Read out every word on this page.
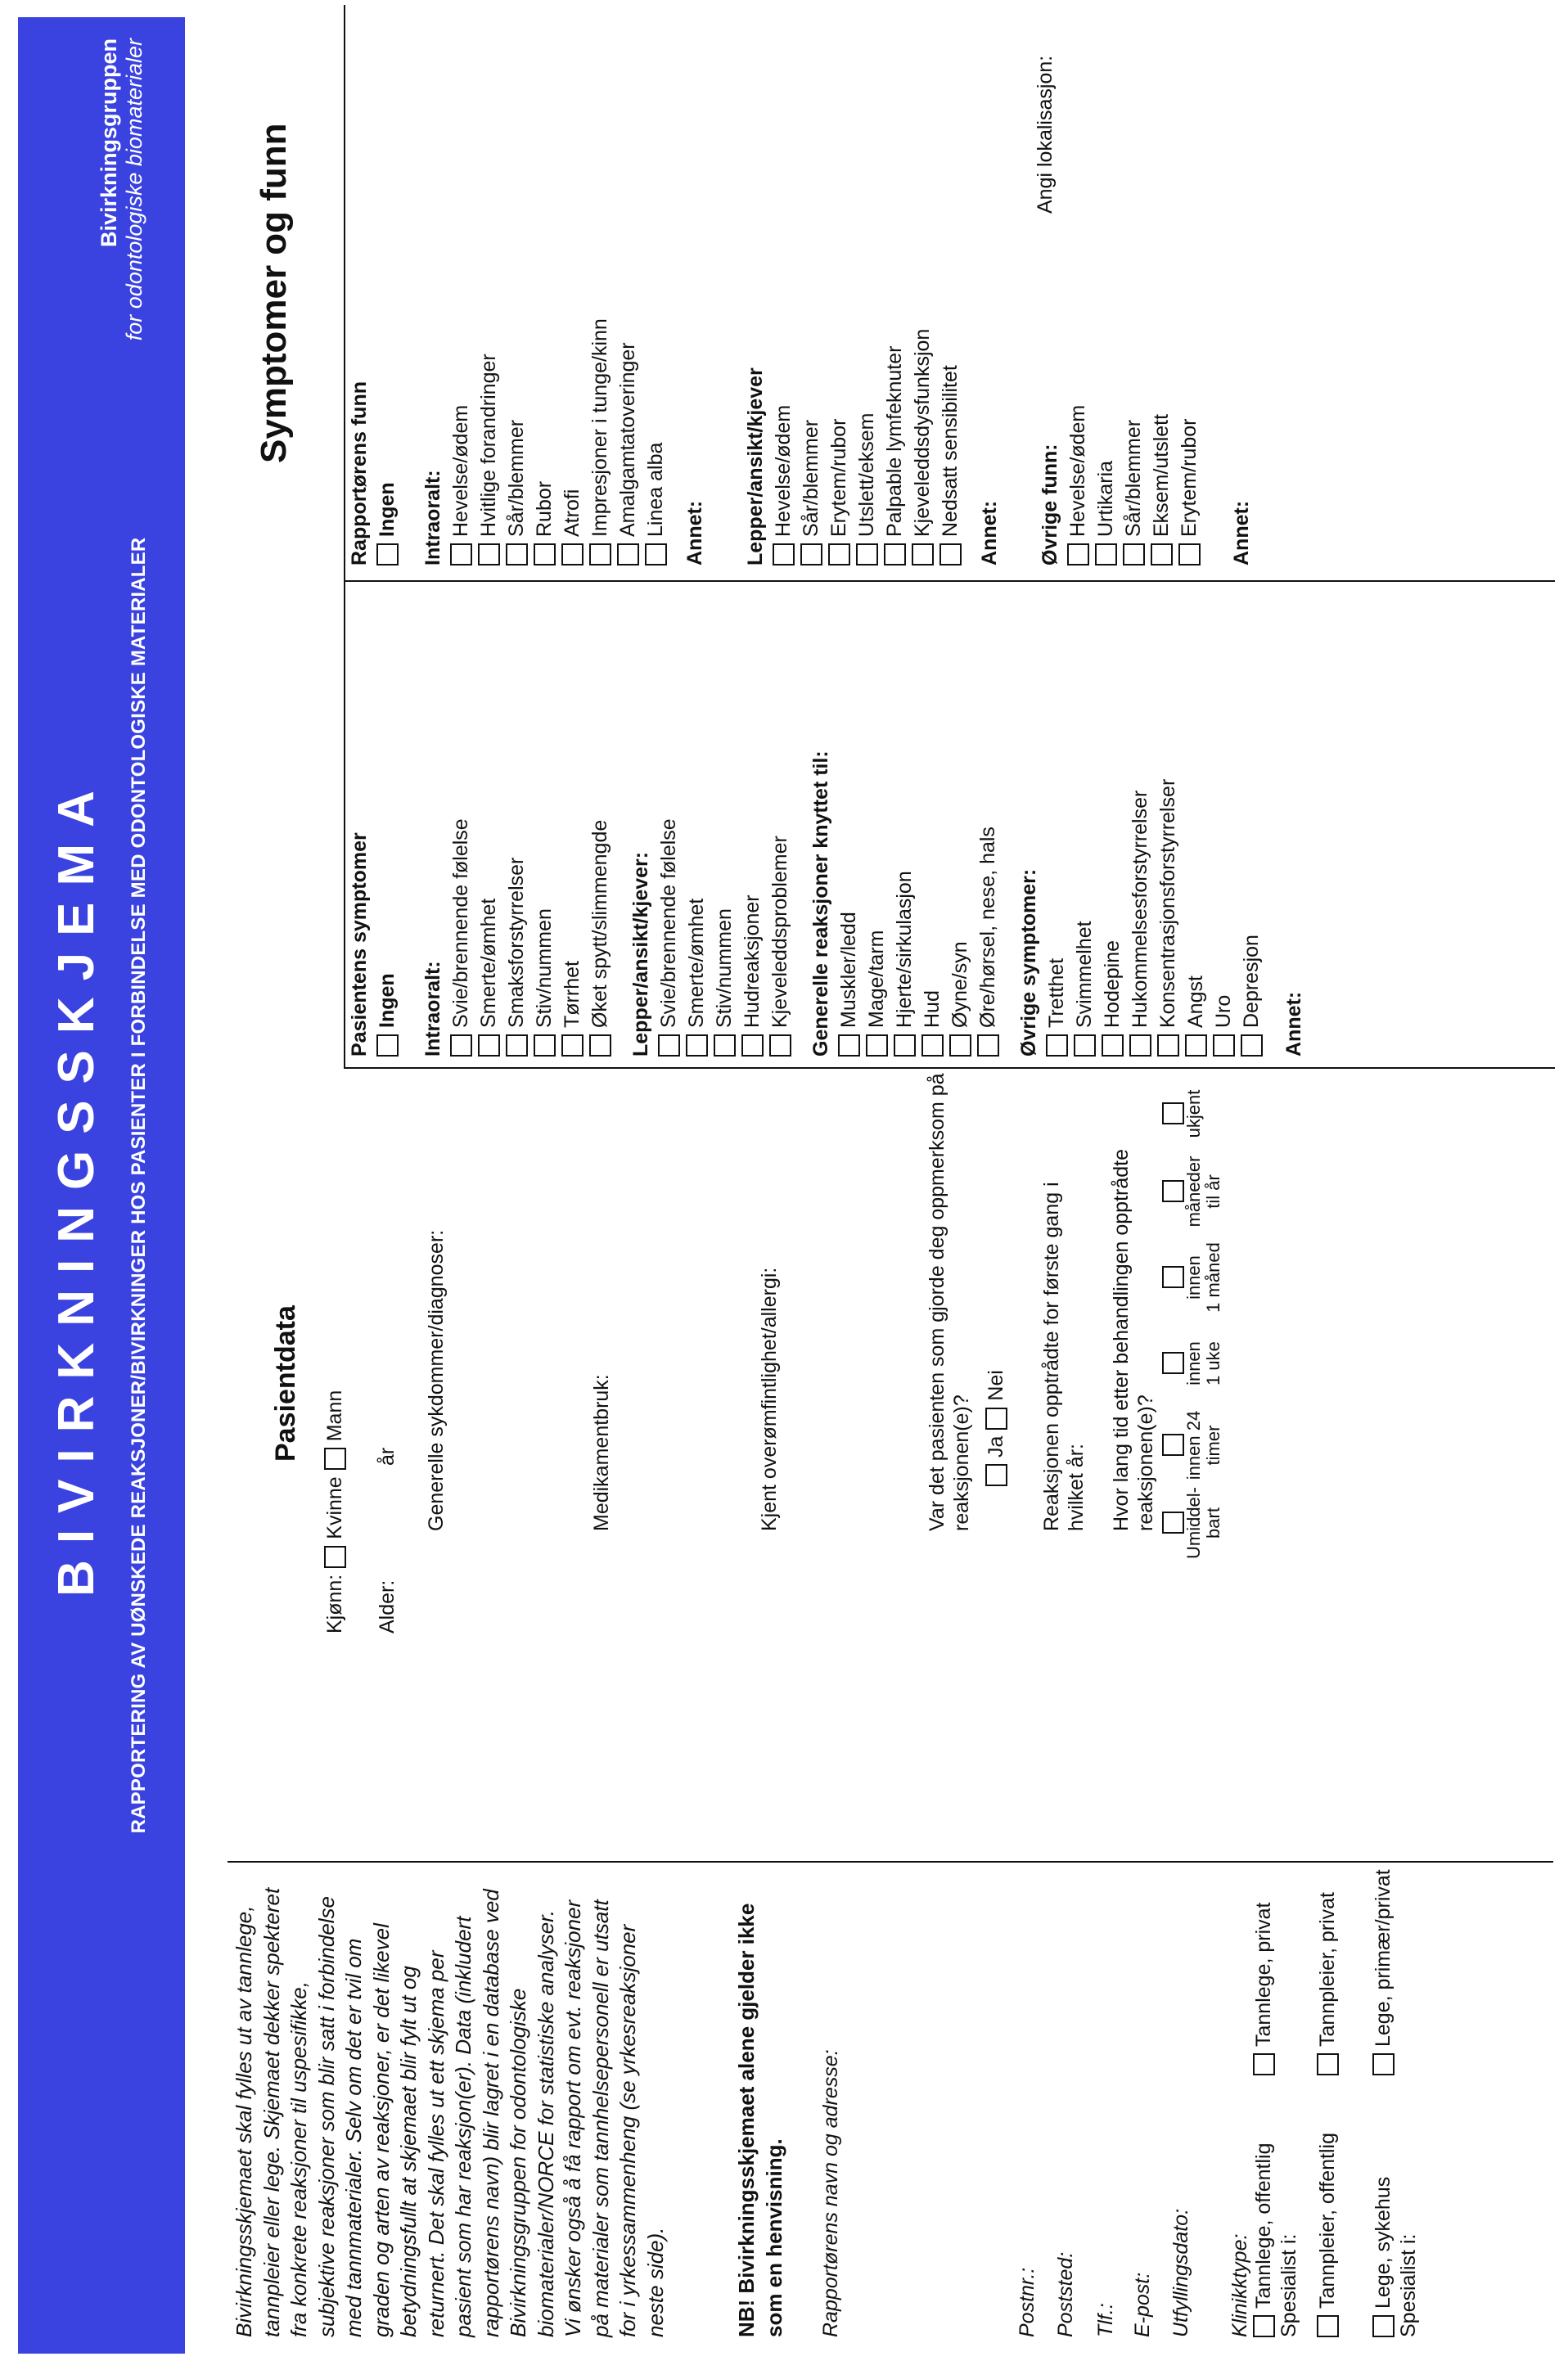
BIVIRKNINGSSKJEMA RAPPORTERING AV UØNSKEDE REAKSJONER/BIVIRKNINGER HOS PASIENTER I FORBINDELSE MED ODONTOLOGISKE MATERIALER
Bivirkningsgruppen for odontologiske biomaterialer
Bivirkningsskjemaet skal fylles ut av tannlege, tannpleier eller lege. Skjemaet dekker spekteret fra konkrete reaksjoner til uspesifikke, subjektive reaksjoner som blir satt i forbindelse med tannmaterialer. Selv om det er tvil om graden og arten av reaksjoner, er det likevel betydningsfullt at skjemaet blir fylt ut og returnert. Det skal fylles ut ett skjema per pasient som har reaksjon(er). Data (inkludert rapportørens navn) blir lagret i en database ved Bivirkningsgruppen for odontologiske biomaterialer/NORCE for statistiske analyser. Vi ønsker også å få rapport om evt. reaksjoner på materialer som tannhelsepersonell er utsatt for i yrkessammenheng (se yrkesreaksjoner neste side).	NB! Bivirkningsskjemaet alene gjelder ikke som en henvisning. Rapportørens navn og adresse:	Postnr.: Poststed: Tlf.: E-post: Utfyllingsdato: Klinikktype: Tannlege, offentlig
Tannlege, privat
Spesialist i: Tannpleier, offentlig
Tannpleier, privat
Lege, sykehus
Lege, primær/privat
Spesialist i:
Pasientdata
Kjønn:
Kvinne
Mann
Alder:
år Generelle sykdommer/diagnoser:	Medikamentbruk:	Kjent overømfintlighet/allergi:	Var det pasienten som gjorde deg oppmerksom på reaksjonen(e)? Ja
Nei Reaksjonen opptrådte for første gang i hvilket år: Hvor lang tid etter behandlingen opptrådte reaksjonen(e)? Umiddel- bart
innen 24 timer
innen 1 uke
innen 1 måned
måneder til år
ukjent
Symptomer og funn
Pasientens symptomer Ingen Intraoralt: Svie/brennende følelse Smerte/ømhet Smaksforstyrrelser Stiv/nummen Tørrhet Øket spytt/slimmengde Lepper/ansikt/kjever: Svie/brennende følelse Smerte/ømhet Stiv/nummen Hudreaksjoner Kjeveleddsproblemer Generelle reaksjoner knyttet til: Muskler/ledd Mage/tarm Hjerte/sirkulasjon Hud Øyne/syn Øre/hørsel, nese, hals Øvrige symptomer: Tretthet Svimmelhet Hodepine Hukommelsesforstyrrelser Konsentrasjonsforstyrrelser Angst Uro Depresjon Annet:
Rapportørens funn Ingen Intraoralt: Hevelse/ødem Hvitlige forandringer Sår/blemmer Rubor Atrofi Impresjoner i tunge/kinn Amalgamtatoveringer Linea alba Annet: Lepper/ansikt/kjever Hevelse/ødem Sår/blemmer Erytem/rubor Utslett/eksem Palpable lymfeknuter Kjeveleddsdysfunksjon Nedsatt sensibilitet Annet: Øvrige funn:
Angi lokalisasjon:
Hevelse/ødem Urtikaria Sår/blemmer Eksem/utslett Erytem/rubor Annet:
